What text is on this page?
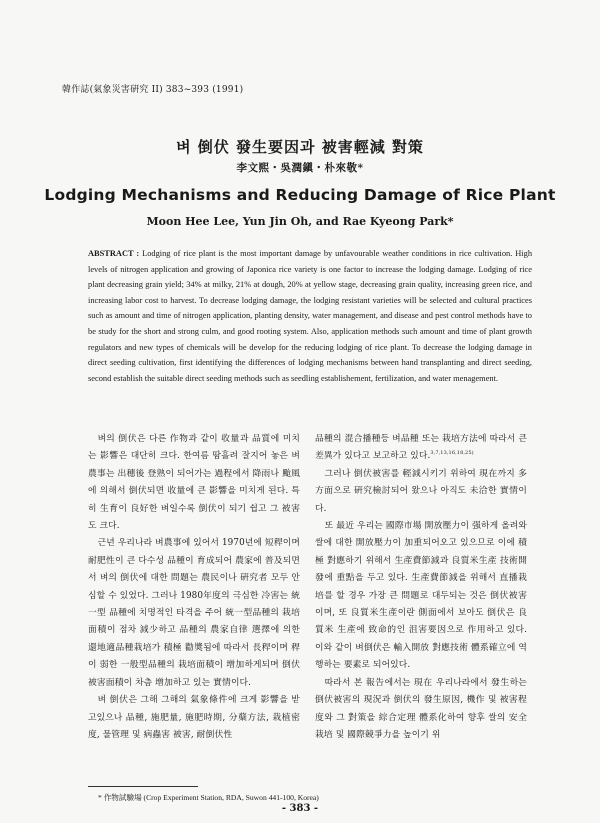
韓作誌(氣象災害硏究 II) 383~393 (1991)
벼 倒伏 發生要因과 被害輕減 對策
李文熙・吳潤鎭・朴來敬*
Lodging Mechanisms and Reducing Damage of Rice Plant
Moon Hee Lee, Yun Jin Oh, and Rae Kyeong Park*
ABSTRACT : Lodging of rice plant is the most important damage by unfavourable weather conditions in rice cultivation. High levels of nitrogen application and growing of Japonica rice variety is one factor to increase the lodging damage. Lodging of rice plant decreasing grain yield; 34% at milky, 21% at dough, 20% at yellow stage, decreasing grain quality, increasing green rice, and increasing labor cost to harvest. To decrease lodging damage, the lodging resistant varieties will be selected and cultural practices such as amount and time of nitrogen application, planting density, water management, and disease and pest control methods have to be study for the short and strong culm, and good rooting system. Also, application methods such amount and time of plant growth regulators and new types of chemicals will be develop for the reducing lodging of rice plant. To decrease the lodging damage in direct seeding cultivation, first identifying the differences of lodging mechanisms between hand transplanting and direct seeding, second establish the suitable direct seeding methods such as seedling establishement, fertilization, and water menagement.

벼의 倒伏은 다른 作物과 같이 收量과 品質에 미치는 影響은 대단히 크다. 한여름 땀흘려 잘지어 놓은 벼農事는 出穗後 登熟이 되어가는 過程에서 降雨나 颱風에 의해서 倒伏되면 收量에 큰 影響을 미치게 된다. 특히 生育이 良好한 벼일수록 倒伏이 되기 쉽고 그 被害도 크다.

근년 우리나라 벼農事에 있어서 1970년에 短稈이며 耐肥性이 큰 다수성 品種이 育成되어 農家에 普及되면서 벼의 倒伏에 대한 問題는 農民이나 硏究者 모두 안심할 수 있었다. 그러나 1980年度의 극심한 冷害는 統一型 品種에 치명적인 타격을 주어 統一型品種의 栽培面積이 점차 減少하고 品種의 農家自律 選擇에 의한 還地適品種栽培가 積極 勸奬됨에 따라서 長稈이며 稈이 弱한 一般型品種의 栽培面積이 增加하게되며 倒伏被害面積이 차츰 增加하고 있는 實情이다.

벼 倒伏은 그해 그해의 氣象條件에 크게 影響을 받고있으나 品種, 施肥量, 施肥時期, 分蘖方法, 栽植密度, 물管理 및 病蟲害 被害, 耐倒伏性

品種의 混合播種등 벼品種 또는 栽培方法에 따라서 큰 差異가 있다고 보고하고 있다.$^{3,7,13,16,18,25)}$

그러나 倒伏被害를 輕減시키기 위하여 現在까지 多方面으로 硏究檢討되어 왔으나 아직도 未洽한 實情이다.

또 最近 우리는 國際市場 開放壓力이 强하게 올려와 쌀에 대한 開放壓力이 加重되어오고 있으므로 이에 積極 對應하기 위해서 生產費節減과 良質米生產 技術開發에 重點을 두고 있다. 生產費節減을 위해서 直播栽培를 할 경우 가장 큰 問題로 대두되는 것은 倒伏被害이며, 또 良質米生產이란 側面에서 보아도 倒伏은 良質米 生產에 致命的인 沮害要因으로 作用하고 있다. 이와 같이 벼倒伏은 輸入開放 對應技術 體系確立에 역행하는 要素로 되어있다.

따라서 본 報告에서는 現在 우리나라에서 發生하는 倒伏被害의 現況과 倒伏의 發生原因, 機作 및 被害程度와 그 對策을 綜合定理 體系化하여 향후 쌀의 安全栽培 및 國際競爭力을 높이기 위

* 作物試驗場 (Crop Experiment Station, RDA, Suwon 441-100, Korea)
- 383 -
